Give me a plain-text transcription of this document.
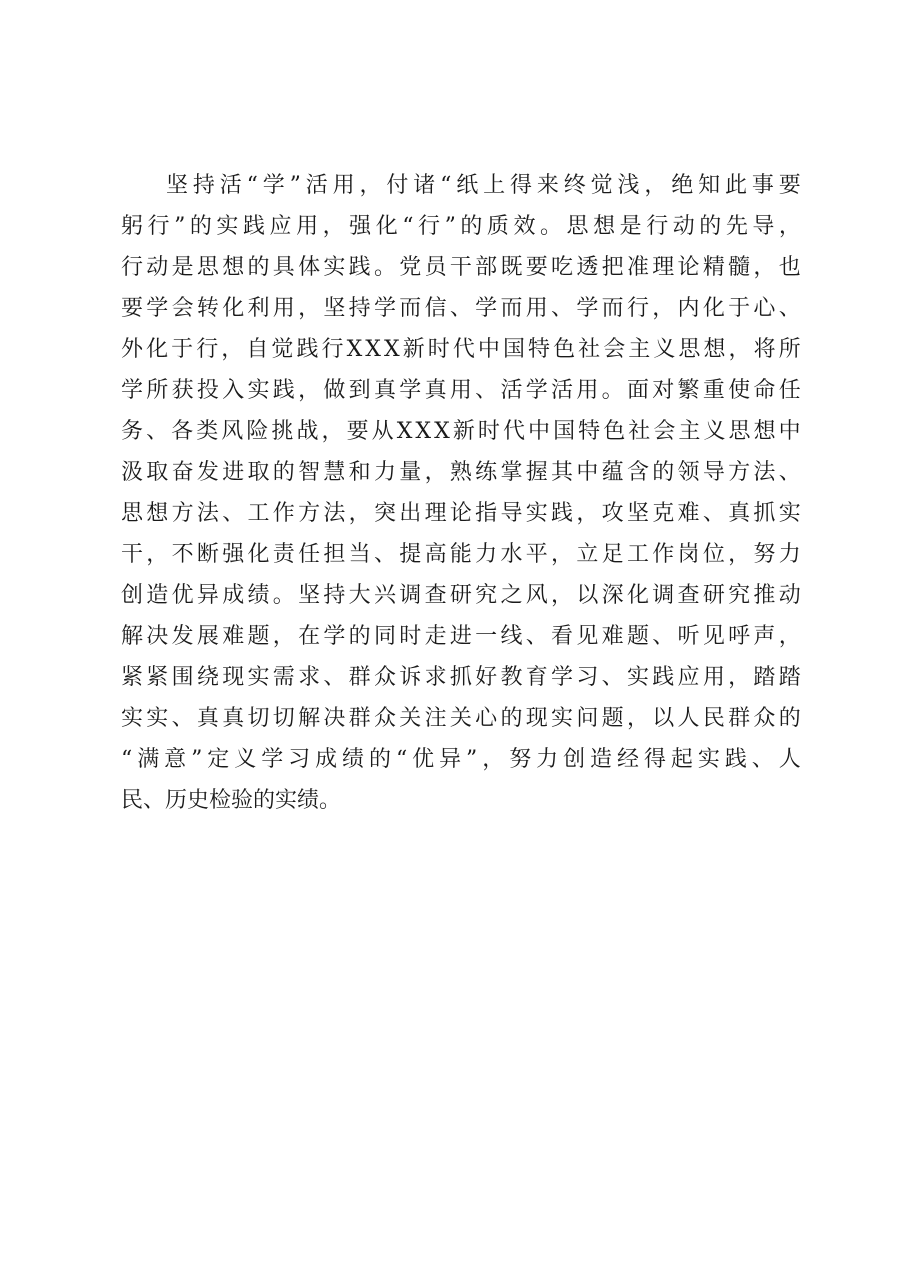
坚 持 活 “ 学 ” 活 用 ， 付 诸 “ 纸 上 得 来 终 觉 浅 ， 绝 知 此 事 要
躬 行 ” 的 实 践 应 用 ， 强 化 “ 行 ” 的 质 效 。 思 想 是 行 动 的 先 导 ，
行 动 是 思 想 的 具 体 实 践 。 党 员 干 部 既 要 吃 透 把 准 理 论 精 髓 ， 也
要 学 会 转 化 利 用 ， 坚 持 学 而 信 、 学 而 用 、 学 而 行 ， 内 化 于 心 、
外 化 于 行 ， 自 觉 践 行 X X X 新 时 代 中 国 特 色 社 会 主 义 思 想 ， 将 所
学 所 获 投 入 实 践 ， 做 到 真 学 真 用 、 活 学 活 用 。 面 对 繁 重 使 命 任
务 、 各 类 风 险 挑 战 ， 要 从 X X X 新 时 代 中 国 特 色 社 会 主 义 思 想 中
汲 取 奋 发 进 取 的 智 慧 和 力 量 ， 熟 练 掌 握 其 中 蕴 含 的 领 导 方 法 、
思 想 方 法 、 工 作 方 法 ， 突 出 理 论 指 导 实 践 ， 攻 坚 克 难 、 真 抓 实
干 ， 不 断 强 化 责 任 担 当 、 提 高 能 力 水 平 ， 立 足 工 作 岗 位 ， 努 力
创 造 优 异 成 绩 。 坚 持 大 兴 调 查 研 究 之 风 ， 以 深 化 调 查 研 究 推 动
解 决 发 展 难 题 ， 在 学 的 同 时 走 进 一 线 、 看 见 难 题 、 听 见 呼 声 ，
紧 紧 围 绕 现 实 需 求 、 群 众 诉 求 抓 好 教 育 学 习 、 实 践 应 用 ， 踏 踏
实 实 、 真 真 切 切 解 决 群 众 关 注 关 心 的 现 实 问 题 ， 以 人 民 群 众 的
“ 满 意 ” 定 义 学 习 成 绩 的 “ 优 异 ” ， 努 力 创 造 经 得 起 实 践 、 人
民、历史检验的实绩。
